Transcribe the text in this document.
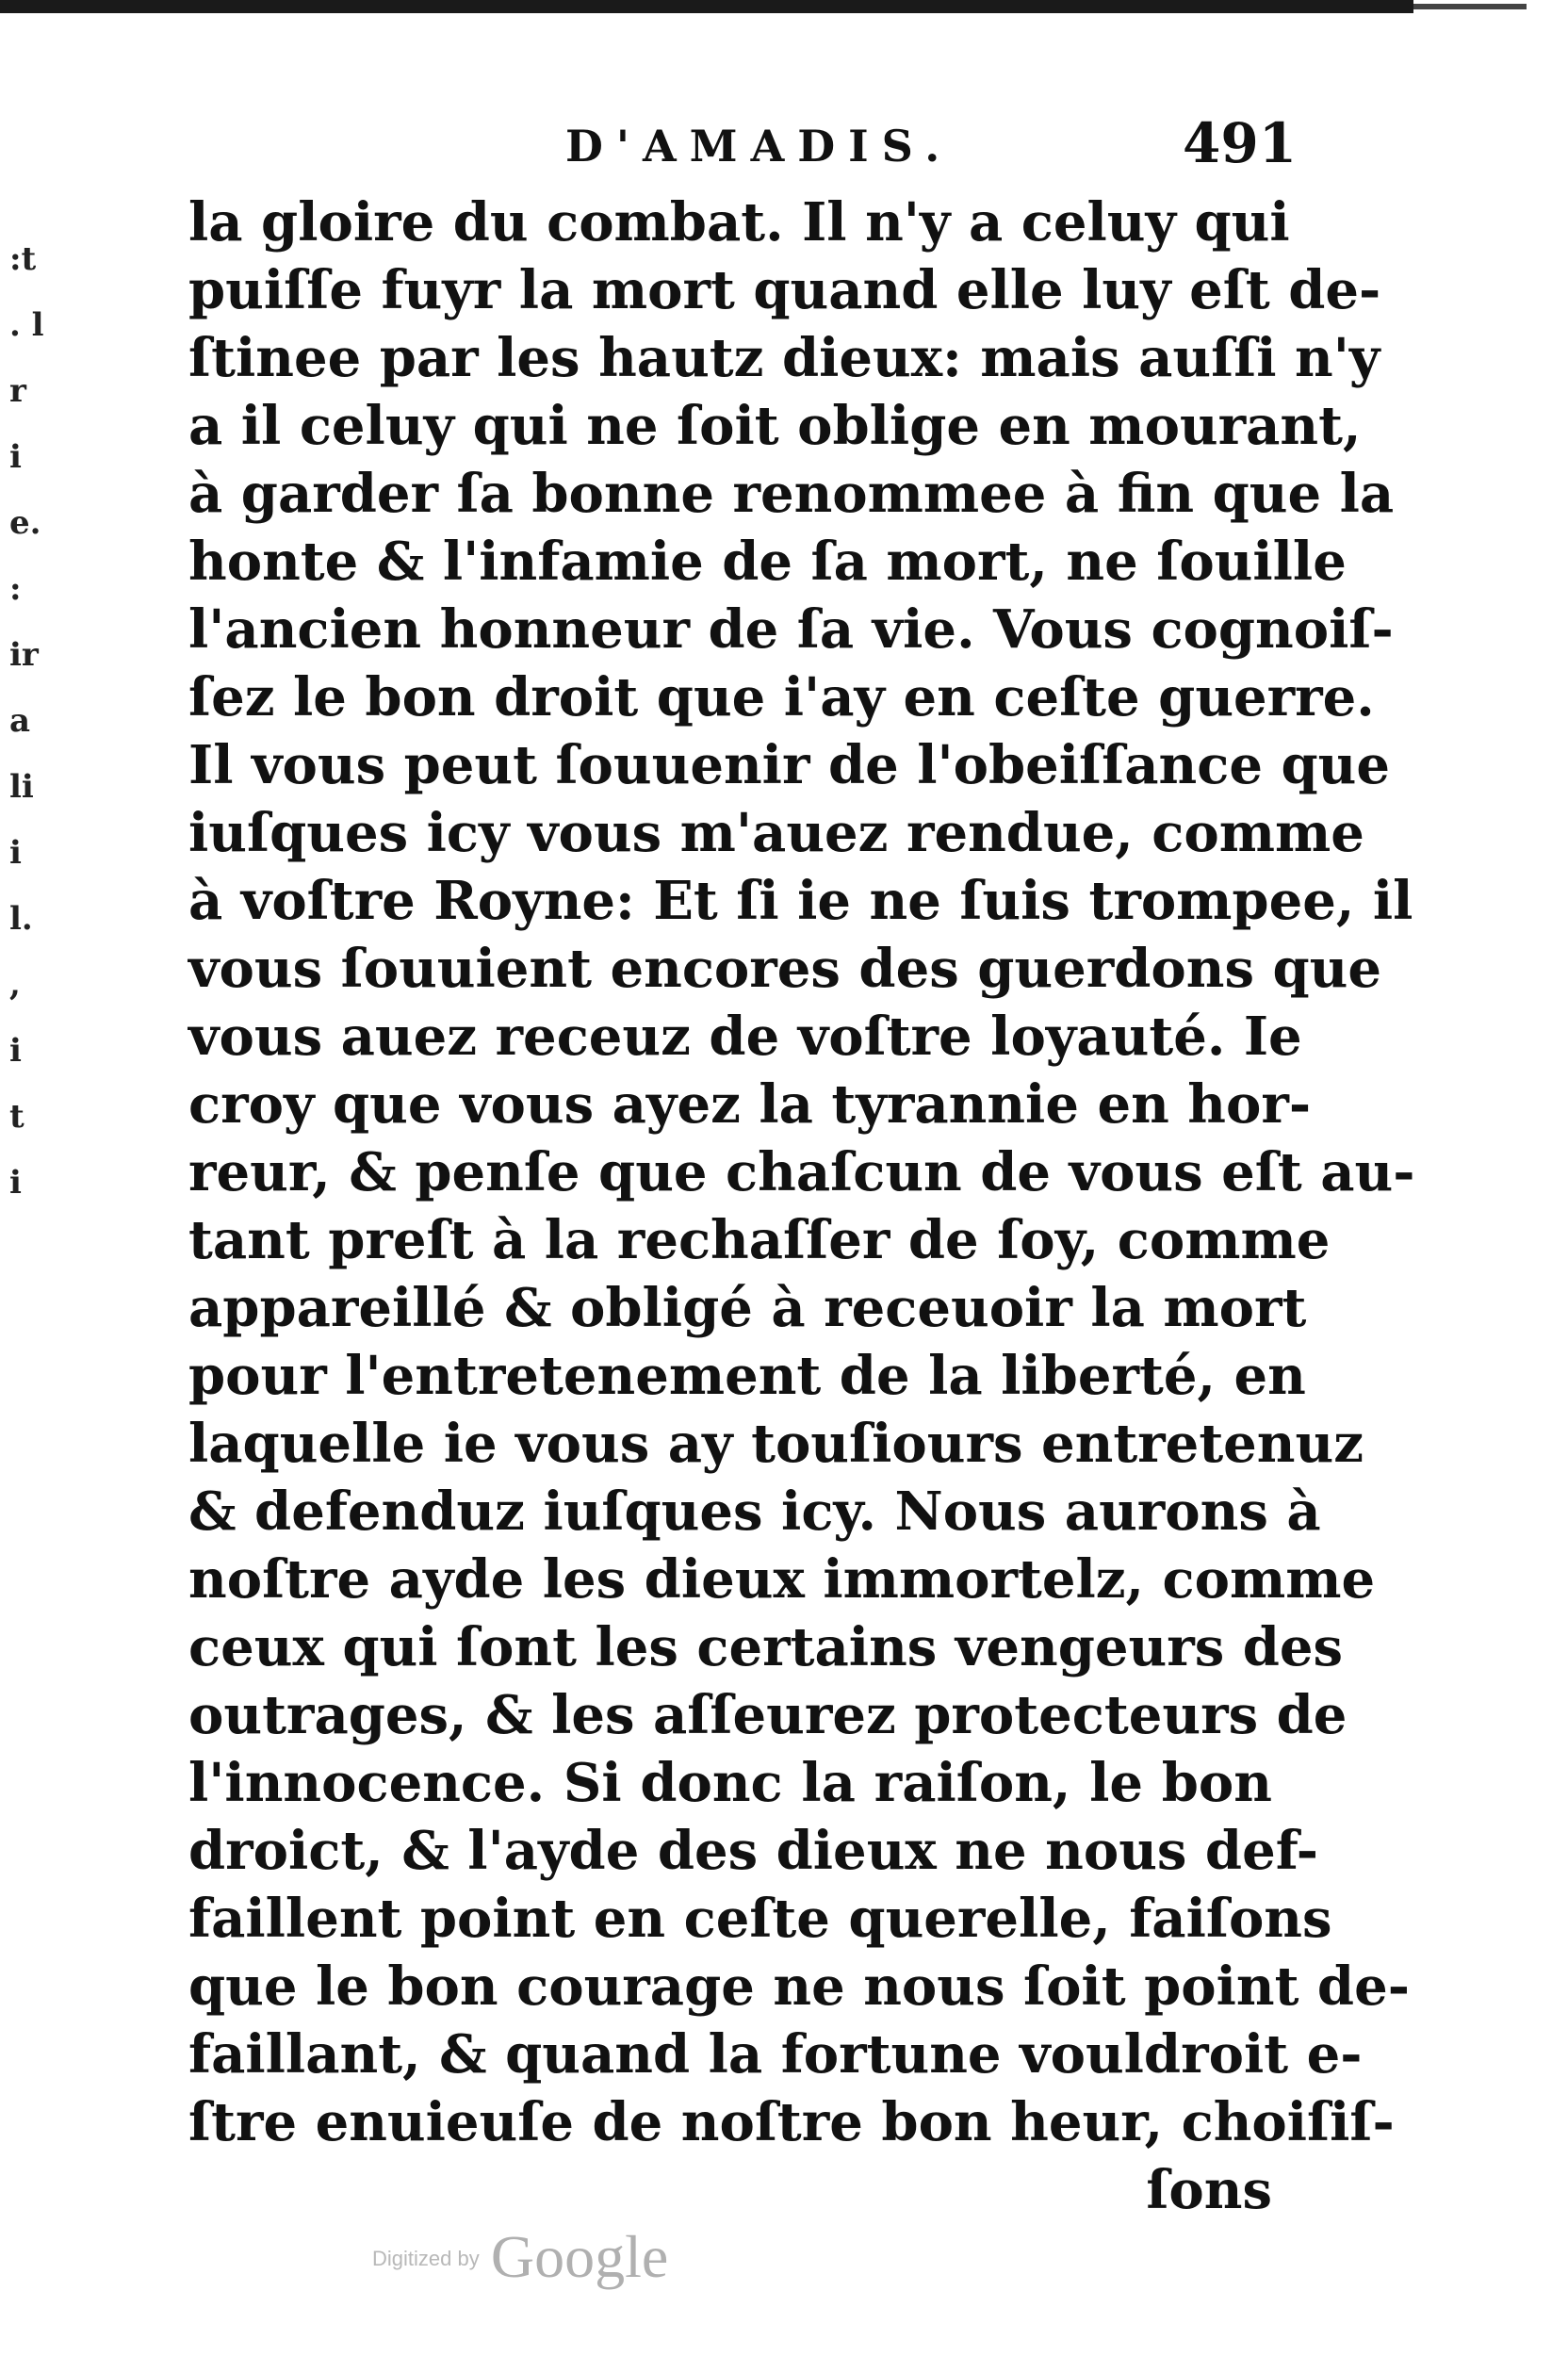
D'AMADIS.	491
:t
. l
r
i
e.
:
ir
a
li
i
l.
,
i
t
i
la gloire du combat. Il n'y a celuy qui
puiſſe fuyr la mort quand elle luy eſt de-
ſtinee par les hautz dieux: mais auſſi n'y
a il celuy qui ne ſoit oblige en mourant,
à garder ſa bonne renommee à fin que la
honte & l'infamie de ſa mort, ne ſouille
l'ancien honneur de ſa vie. Vous cognoiſ-
ſez le bon droit que i'ay en ceſte guerre.
Il vous peut ſouuenir de l'obeiſſance que
iuſques icy vous m'auez rendue, comme
à voſtre Royne: Et ſi ie ne ſuis trompee, il
vous ſouuient encores des guerdons que
vous auez receuz de voſtre loyauté. Ie
croy que vous ayez la tyrannie en hor-
reur, & penſe que chaſcun de vous eſt au-
tant preſt à la rechaſſer de ſoy, comme
appareillé & obligé à receuoir la mort
pour l'entretenement de la liberté, en
laquelle ie vous ay touſiours entretenuz
& defenduz iuſques icy. Nous aurons à
noſtre ayde les dieux immortelz, comme
ceux qui ſont les certains vengeurs des
outrages, & les aſſeurez protecteurs de
l'innocence. Si donc la raiſon, le bon
droict, & l'ayde des dieux ne nous def-
faillent point en ceſte querelle, faiſons
que le bon courage ne nous ſoit point de-
faillant, & quand la fortune vouldroit e-
ſtre enuieuſe de noſtre bon heur, choiſiſ-
ſons
Digitized by Google
